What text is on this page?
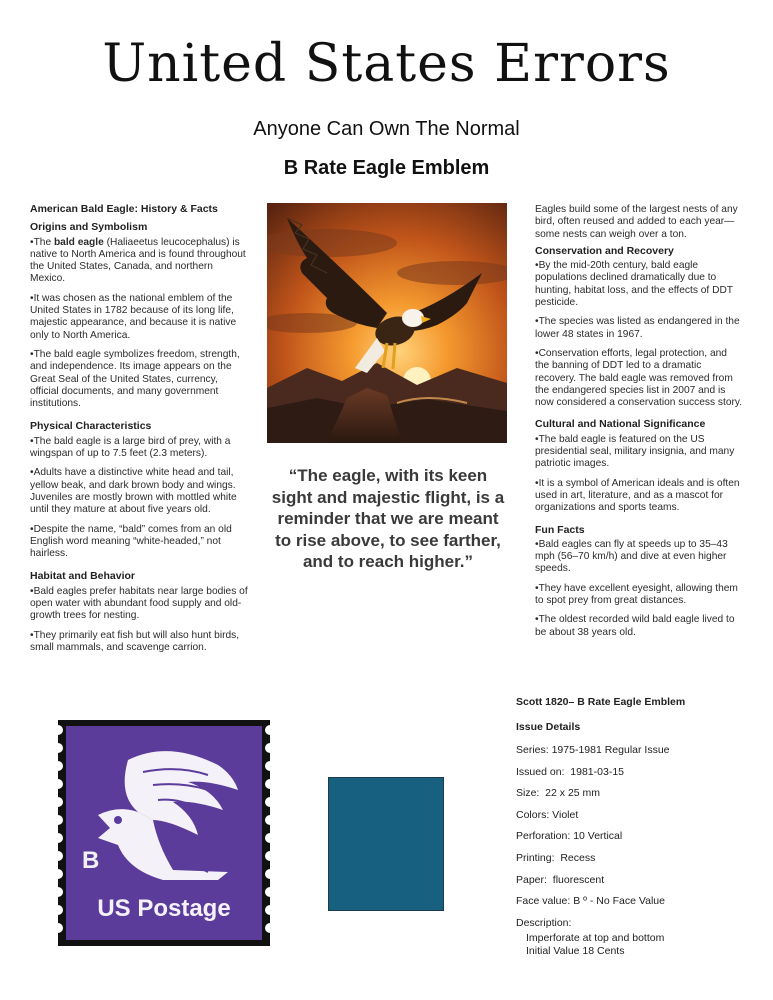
United States Errors
Anyone Can Own The Normal
B Rate Eagle Emblem
American Bald Eagle: History & Facts
Origins and Symbolism

•The bald eagle (Haliaeetus leucocephalus) is native to North America and is found throughout the United States, Canada, and northern Mexico.

•It was chosen as the national emblem of the United States in 1782 because of its long life, majestic appearance, and because it is native only to North America.

•The bald eagle symbolizes freedom, strength, and independence. Its image appears on the Great Seal of the United States, currency, official documents, and many government institutions.

Physical Characteristics

•The bald eagle is a large bird of prey, with a wingspan of up to 7.5 feet (2.3 meters).

•Adults have a distinctive white head and tail, yellow beak, and dark brown body and wings. Juveniles are mostly brown with mottled white until they mature at about five years old.

•Despite the name, “bald” comes from an old English word meaning “white-headed,” not hairless.

Habitat and Behavior

•Bald eagles prefer habitats near large bodies of open water with abundant food supply and old-growth trees for nesting.

•They primarily eat fish but will also hunt birds, small mammals, and scavenge carrion.

“The eagle, with its keen sight and majestic flight, is a reminder that we are meant to rise above, to see farther, and to reach higher.”

Eagles build some of the largest nests of any bird, often reused and added to each year—some nests can weigh over a ton.

Conservation and Recovery

•By the mid-20th century, bald eagle populations declined dramatically due to hunting, habitat loss, and the effects of DDT pesticide.

•The species was listed as endangered in the lower 48 states in 1967.

•Conservation efforts, legal protection, and the banning of DDT led to a dramatic recovery. The bald eagle was removed from the endangered species list in 2007 and is now considered a conservation success story.

Cultural and National Significance

•The bald eagle is featured on the US presidential seal, military insignia, and many patriotic images.

•It is a symbol of American ideals and is often used in art, literature, and as a mascot for organizations and sports teams.

Fun Facts

•Bald eagles can fly at speeds up to 35–43 mph (56–70 km/h) and dive at even higher speeds.

•They have excellent eyesight, allowing them to spot prey from great distances.

•The oldest recorded wild bald eagle lived to be about 38 years old.

B
US Postage
Scott 1820– B Rate Eagle Emblem
Issue Details
Series: 1975-1981 Regular Issue
Issued on:  1981-03-15
Size:  22 x 25 mm
Colors: Violet
Perforation: 10 Vertical
Printing:  Recess
Paper:  fluorescent
Face value: B º - No Face Value
Description:
Imperforate at top and bottom
Initial Value 18 Cents
